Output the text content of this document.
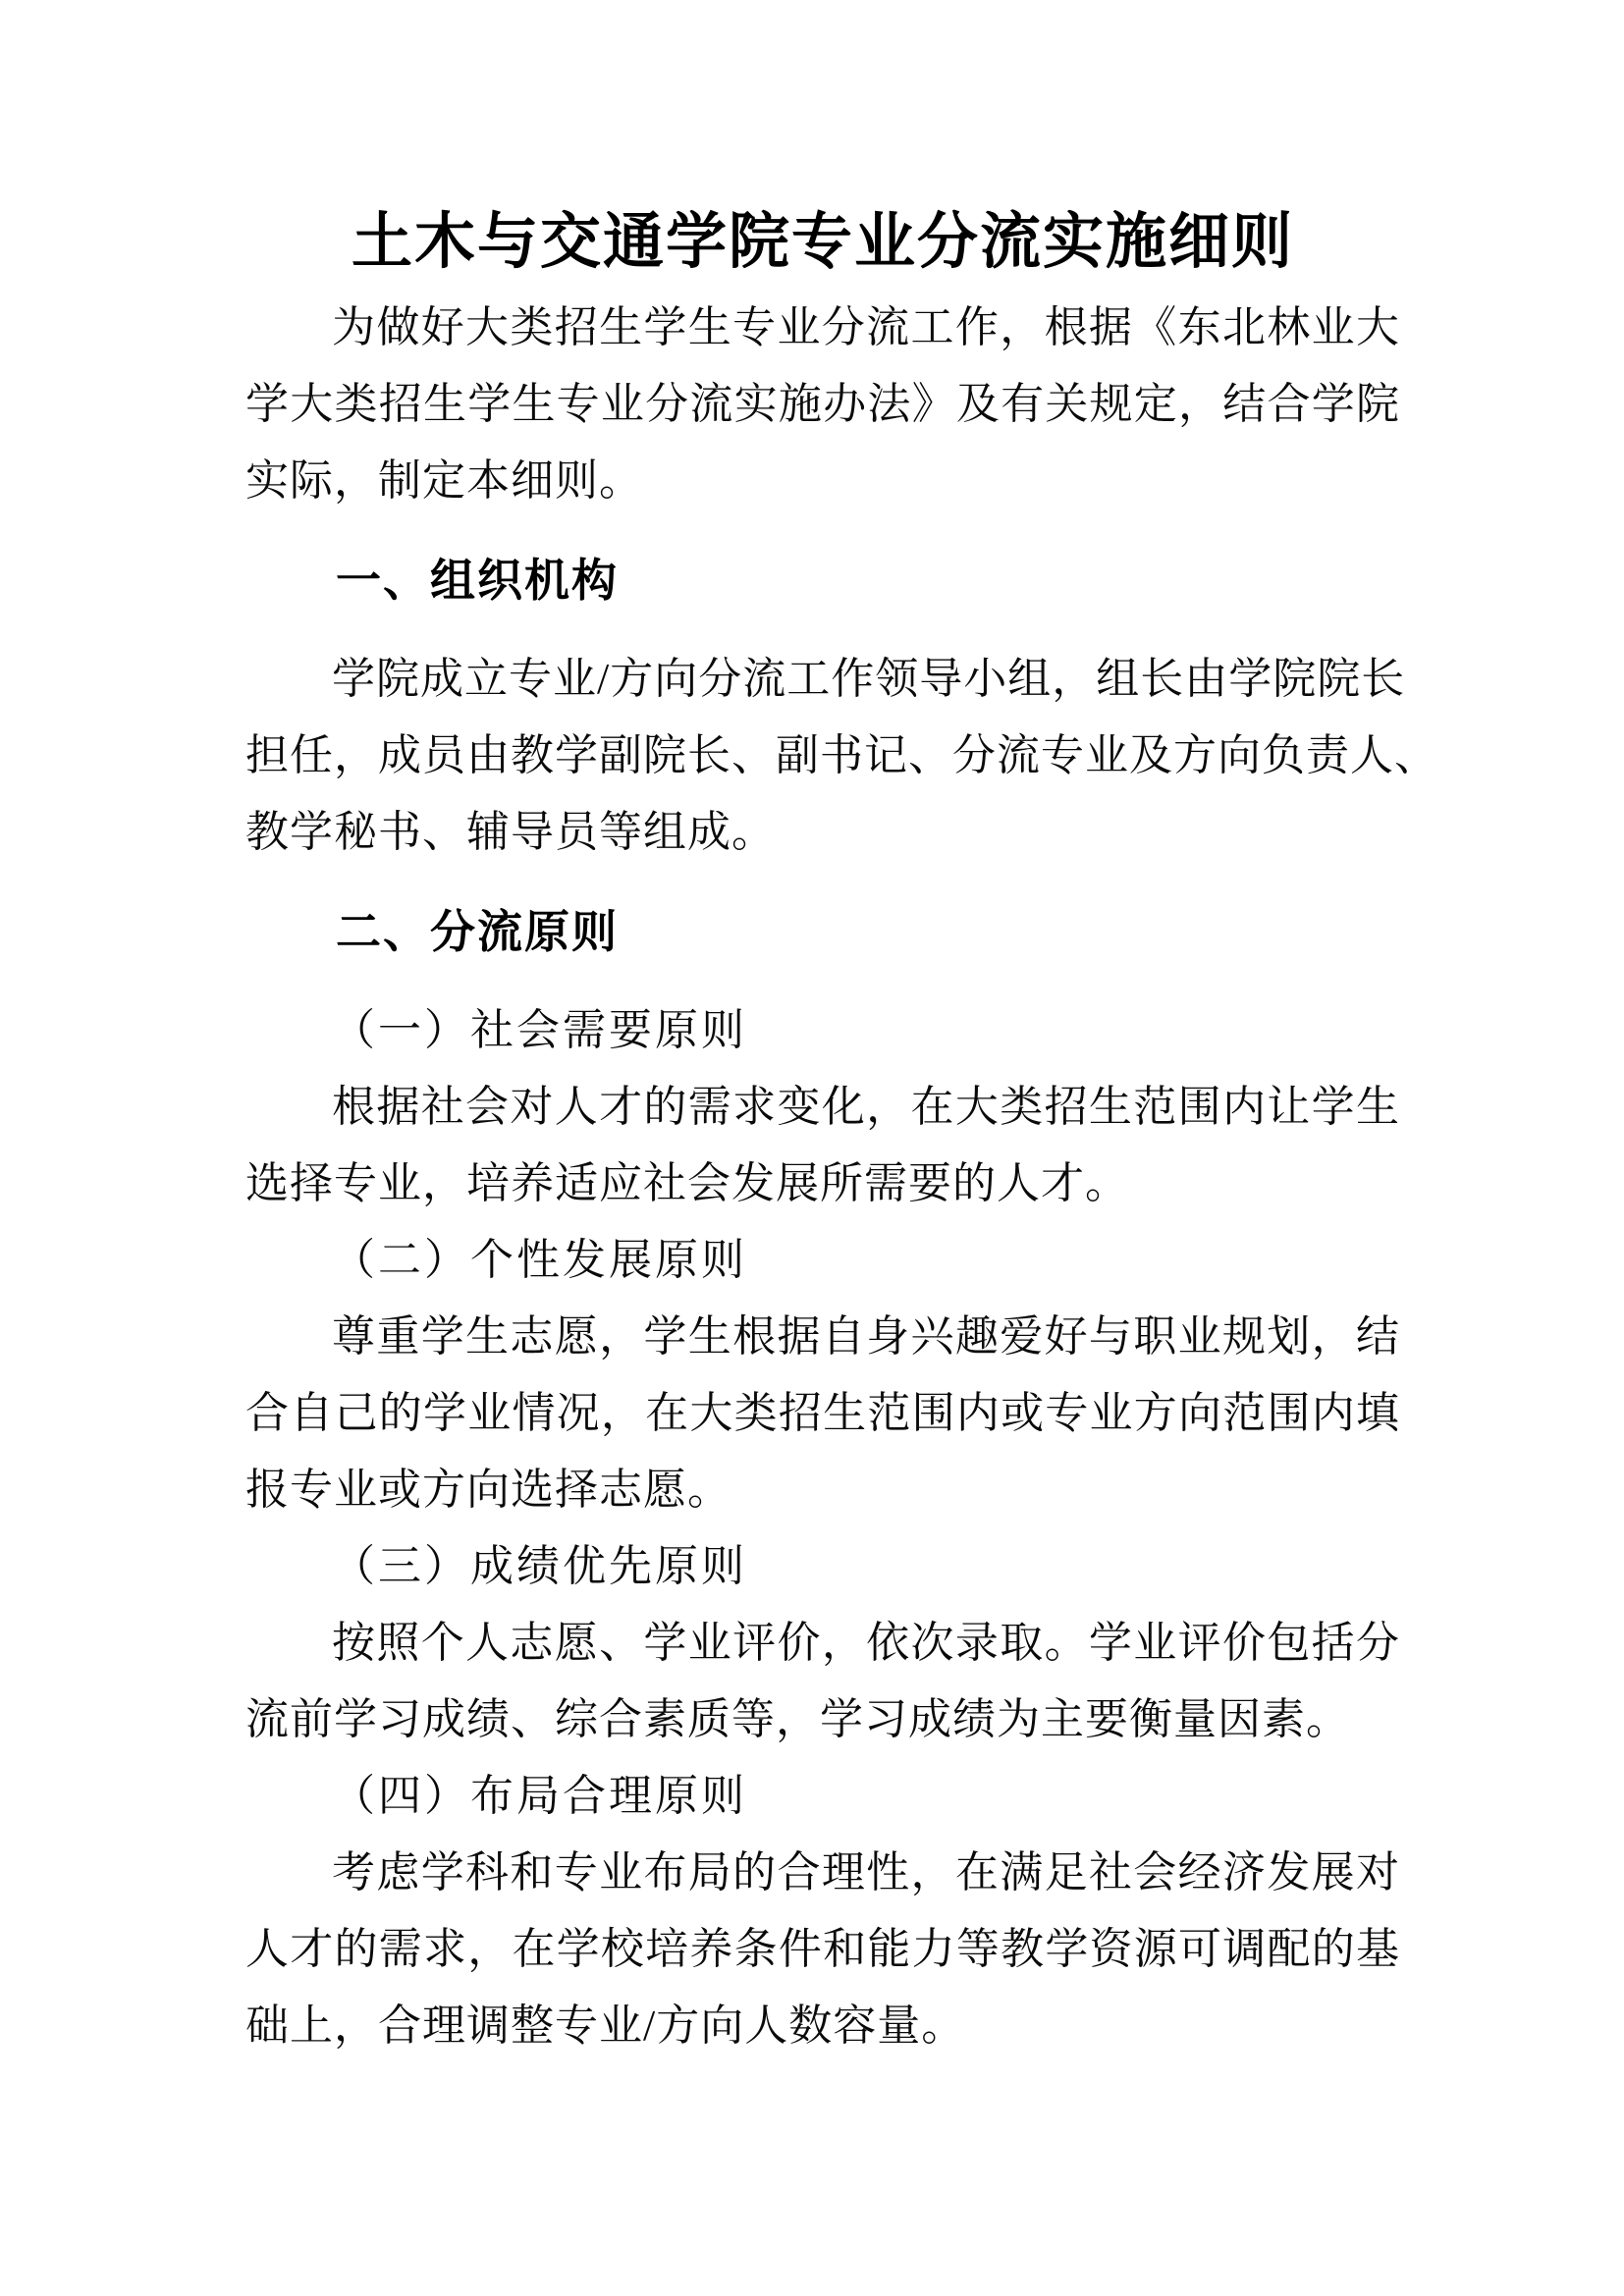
土木与交通学院专业分流实施细则
为做好大类招生学生专业分流工作，根据《东北林业大
学大类招生学生专业分流实施办法》及有关规定，结合学院
实际，制定本细则。
一、组织机构
学院成立专业/方向分流工作领导小组，组长由学院院长
担任，成员由教学副院长、副书记、分流专业及方向负责人、
教学秘书、辅导员等组成。
二、分流原则
（一）社会需要原则
根据社会对人才的需求变化，在大类招生范围内让学生
选择专业，培养适应社会发展所需要的人才。
（二）个性发展原则
尊重学生志愿，学生根据自身兴趣爱好与职业规划，结
合自己的学业情况，在大类招生范围内或专业方向范围内填
报专业或方向选择志愿。
（三）成绩优先原则
按照个人志愿、学业评价，依次录取。学业评价包括分
流前学习成绩、综合素质等，学习成绩为主要衡量因素。
（四）布局合理原则
考虑学科和专业布局的合理性，在满足社会经济发展对
人才的需求，在学校培养条件和能力等教学资源可调配的基
础上，合理调整专业/方向人数容量。
